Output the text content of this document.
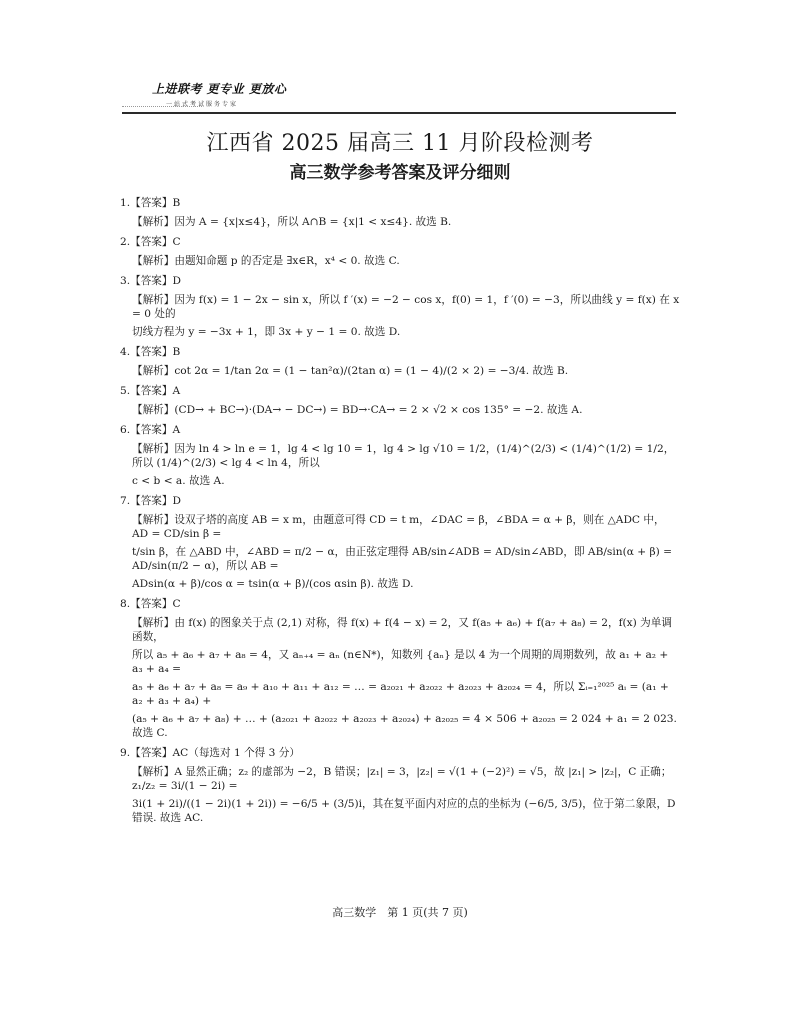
上进联考 更专业 更放心
一站式考试服务专家
江西省 2025 届高三 11 月阶段检测考
高三数学参考答案及评分细则
1.【答案】B

【解析】因为 A = {x|x≤4}，所以 A∩B = {x|1 < x≤4}. 故选 B.

2.【答案】C

【解析】由题知命题 p 的否定是 ∃x∈R，x⁴ < 0. 故选 C.

3.【答案】D

【解析】因为 f(x) = 1 − 2x − sin x，所以 f ′(x) = −2 − cos x，f(0) = 1，f ′(0) = −3，所以曲线 y = f(x) 在 x = 0 处的

切线方程为 y = −3x + 1，即 3x + y − 1 = 0. 故选 D.

4.【答案】B

【解析】cot 2α = 1/tan 2α = (1 − tan²α)/(2tan α) = (1 − 4)/(2 × 2) = −3/4. 故选 B.

5.【答案】A

【解析】(CD→ + BC→)·(DA→ − DC→) = BD→·CA→ = 2 × √2 × cos 135° = −2. 故选 A.

6.【答案】A

【解析】因为 ln 4 > ln e = 1，lg 4 < lg 10 = 1，lg 4 > lg √10 = 1/2，(1/4)^(2/3) < (1/4)^(1/2) = 1/2，所以 (1/4)^(2/3) < lg 4 < ln 4，所以

c < b < a. 故选 A.

7.【答案】D

【解析】设双子塔的高度 AB = x m，由题意可得 CD = t m，∠DAC = β，∠BDA = α + β，则在 △ADC 中，AD = CD/sin β =

t/sin β，在 △ABD 中，∠ABD = π/2 − α，由正弦定理得 AB/sin∠ADB = AD/sin∠ABD，即 AB/sin(α + β) = AD/sin(π/2 − α)，所以 AB =

ADsin(α + β)/cos α = tsin(α + β)/(cos αsin β). 故选 D.

8.【答案】C

【解析】由 f(x) 的图象关于点 (2,1) 对称，得 f(x) + f(4 − x) = 2，又 f(a₅ + a₆) + f(a₇ + a₈) = 2，f(x) 为单调函数，

所以 a₅ + a₆ + a₇ + a₈ = 4，又 aₙ₊₄ = aₙ (n∈N*)，知数列 {aₙ} 是以 4 为一个周期的周期数列，故 a₁ + a₂ + a₃ + a₄ =

a₅ + a₆ + a₇ + a₈ = a₉ + a₁₀ + a₁₁ + a₁₂ = … = a₂₀₂₁ + a₂₀₂₂ + a₂₀₂₃ + a₂₀₂₄ = 4，所以 Σᵢ₌₁²⁰²⁵ aᵢ = (a₁ + a₂ + a₃ + a₄) +

(a₅ + a₆ + a₇ + a₈) + … + (a₂₀₂₁ + a₂₀₂₂ + a₂₀₂₃ + a₂₀₂₄) + a₂₀₂₅ = 4 × 506 + a₂₀₂₅ = 2 024 + a₁ = 2 023. 故选 C.

9.【答案】AC（每选对 1 个得 3 分）

【解析】A 显然正确；z₂ 的虚部为 −2，B 错误；|z₁| = 3，|z₂| = √(1 + (−2)²) = √5，故 |z₁| > |z₂|，C 正确；z₁/z₂ = 3i/(1 − 2i) =

3i(1 + 2i)/((1 − 2i)(1 + 2i)) = −6/5 + (3/5)i，其在复平面内对应的点的坐标为 (−6/5, 3/5)，位于第二象限，D 错误. 故选 AC.

高三数学　第 1 页(共 7 页)
